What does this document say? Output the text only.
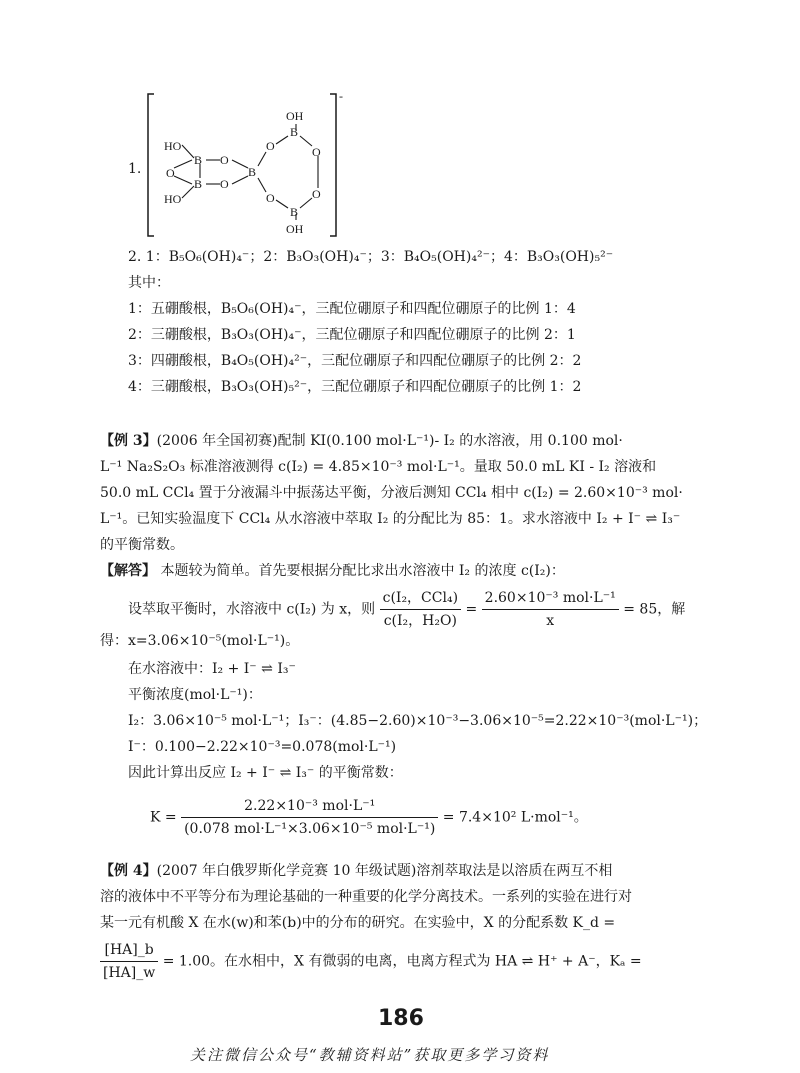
1.
HO
HO
O
B
B
O
O
B
O
O
B
B
O
O
OH
OH
-
2. 1：B₅O₆(OH)₄⁻；2：B₃O₃(OH)₄⁻；3：B₄O₅(OH)₄²⁻；4：B₃O₃(OH)₅²⁻
其中：
1：五硼酸根，B₅O₆(OH)₄⁻，三配位硼原子和四配位硼原子的比例 1：4
2：三硼酸根，B₃O₃(OH)₄⁻，三配位硼原子和四配位硼原子的比例 2：1
3：四硼酸根，B₄O₅(OH)₄²⁻，三配位硼原子和四配位硼原子的比例 2：2
4：三硼酸根，B₃O₃(OH)₅²⁻，三配位硼原子和四配位硼原子的比例 1：2
【例 3】(2006 年全国初赛)配制 KI(0.100 mol·L⁻¹)- I₂ 的水溶液，用 0.100 mol·
L⁻¹ Na₂S₂O₃ 标准溶液测得 c(I₂) = 4.85×10⁻³ mol·L⁻¹。量取 50.0 mL KI - I₂ 溶液和
50.0 mL CCl₄ 置于分液漏斗中振荡达平衡，分液后测知 CCl₄ 相中 c(I₂) = 2.60×10⁻³ mol·
L⁻¹。已知实验温度下 CCl₄ 从水溶液中萃取 I₂ 的分配比为 85：1。求水溶液中 I₂ + I⁻ ⇌ I₃⁻
的平衡常数。
【解答】 本题较为简单。首先要根据分配比求出水溶液中 I₂ 的浓度 c(I₂)：
设萃取平衡时，水溶液中 c(I₂) 为 x，则 $\frac{\text{c(I₂，CCl₄)}}{\text{c(I₂，H₂O)}} = \frac{\text{2.60×10⁻³ mol·L⁻¹}}{x} = 85$，解
得：x=3.06×10⁻⁵(mol·L⁻¹)。
在水溶液中：I₂ + I⁻ ⇌ I₃⁻
平衡浓度(mol·L⁻¹)：
I₂：3.06×10⁻⁵ mol·L⁻¹；I₃⁻：(4.85−2.60)×10⁻³−3.06×10⁻⁵=2.22×10⁻³(mol·L⁻¹)；
I⁻：0.100−2.22×10⁻³=0.078(mol·L⁻¹)
因此计算出反应 I₂ + I⁻ ⇌ I₃⁻ 的平衡常数：
$K = \frac{\text{2.22×10⁻³ mol·L⁻¹}}{\text{(0.078 mol·L⁻¹×3.06×10⁻⁵ mol·L⁻¹)}} = 7.4\times 10^2$ L·mol⁻¹。
【例 4】(2007 年白俄罗斯化学竞赛 10 年级试题)溶剂萃取法是以溶质在两互不相
溶的液体中不平等分布为理论基础的一种重要的化学分离技术。一系列的实验在进行对
某一元有机酸 X 在水(w)和苯(b)中的分布的研究。在实验中，X 的分配系数 K_d =
$\frac{[HA]\_b}{[HA]\_w} = 1.00$。在水相中，X 有微弱的电离，电离方程式为 HA ⇌ H⁺ + A⁻，Kₐ =
186
关注微信公众号“教辅资料站”获取更多学习资料
